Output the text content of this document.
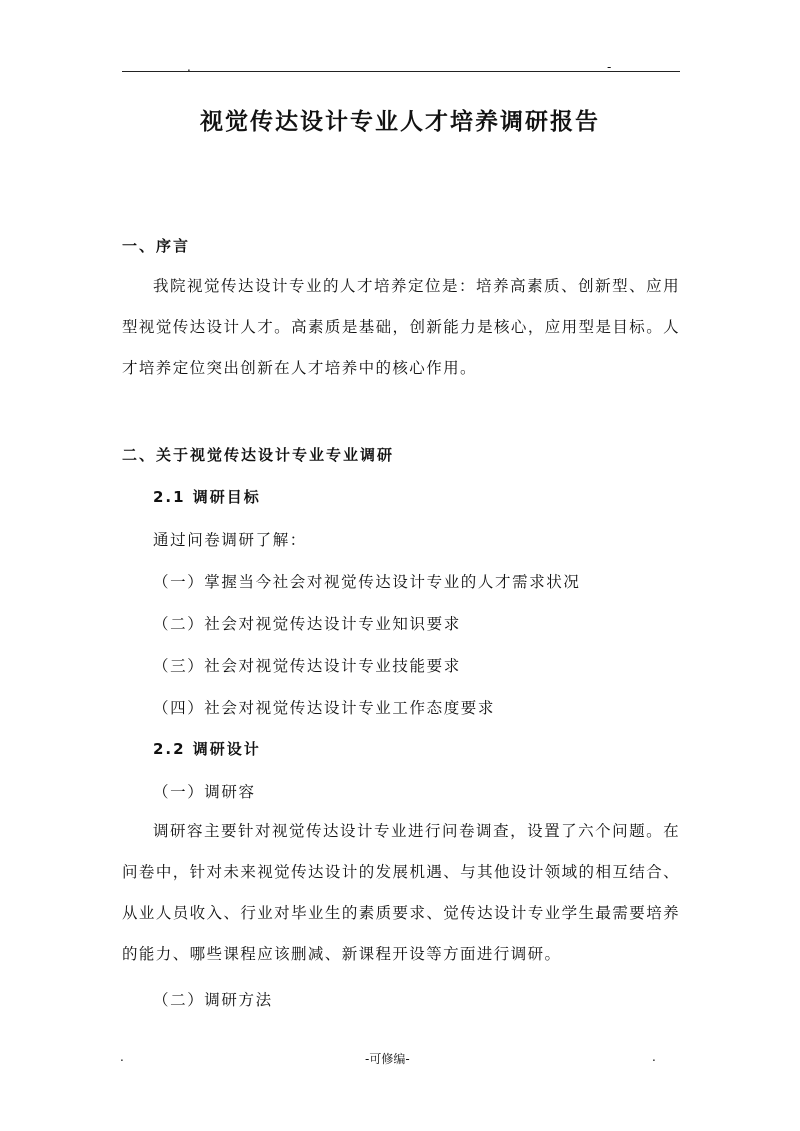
.	-
视觉传达设计专业人才培养调研报告
一、序言
我院视觉传达设计专业的人才培养定位是：培养高素质、创新型、应用型视觉传达设计人才。高素质是基础，创新能力是核心，应用型是目标。人才培养定位突出创新在人才培养中的核心作用。
二、关于视觉传达设计专业专业调研
2.1 调研目标
通过问卷调研了解：
（一）掌握当今社会对视觉传达设计专业的人才需求状况
（二）社会对视觉传达设计专业知识要求
（三）社会对视觉传达设计专业技能要求
（四）社会对视觉传达设计专业工作态度要求
2.2 调研设计
（一）调研容
调研容主要针对视觉传达设计专业进行问卷调查，设置了六个问题。在问卷中，针对未来视觉传达设计的发展机遇、与其他设计领域的相互结合、从业人员收入、行业对毕业生的素质要求、觉传达设计专业学生最需要培养的能力、哪些课程应该删减、新课程开设等方面进行调研。
（二）调研方法
.	-可修编-	.
